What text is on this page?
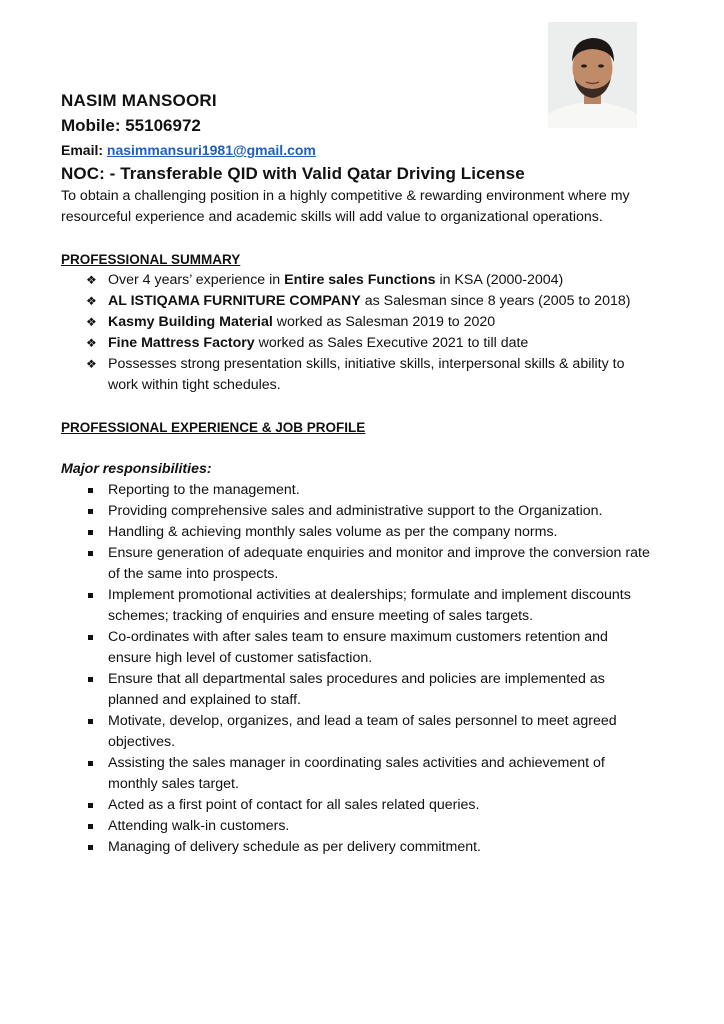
NASIM MANSOORI
Mobile: 55106972
Email: nasimmansuri1981@gmail.com
NOC: - Transferable QID with Valid Qatar Driving License

To obtain a challenging position in a highly competitive & rewarding environment where my resourceful experience and academic skills will add value to organizational operations.

PROFESSIONAL SUMMARY
❖ Over 4 years’ experience in Entire sales Functions in KSA (2000-2004)
❖ AL ISTIQAMA FURNITURE COMPANY as Salesman since 8 years (2005 to 2018)
❖ Kasmy Building Material worked as Salesman 2019 to 2020
❖ Fine Mattress Factory worked as Sales Executive 2021 to till date
❖ Possesses strong presentation skills, initiative skills, interpersonal skills & ability to work within tight schedules.
PROFESSIONAL EXPERIENCE & JOB PROFILE
Major responsibilities:
Reporting to the management.
Providing comprehensive sales and administrative support to the Organization.
Handling & achieving monthly sales volume as per the company norms.
Ensure generation of adequate enquiries and monitor and improve the conversion rate of the same into prospects.
Implement promotional activities at dealerships; formulate and implement discounts schemes; tracking of enquiries and ensure meeting of sales targets.
Co-ordinates with after sales team to ensure maximum customers retention and ensure high level of customer satisfaction.
Ensure that all departmental sales procedures and policies are implemented as planned and explained to staff.
Motivate, develop, organizes, and lead a team of sales personnel to meet agreed objectives.
Assisting the sales manager in coordinating sales activities and achievement of monthly sales target.
Acted as a first point of contact for all sales related queries.
Attending walk-in customers.
Managing of delivery schedule as per delivery commitment.
